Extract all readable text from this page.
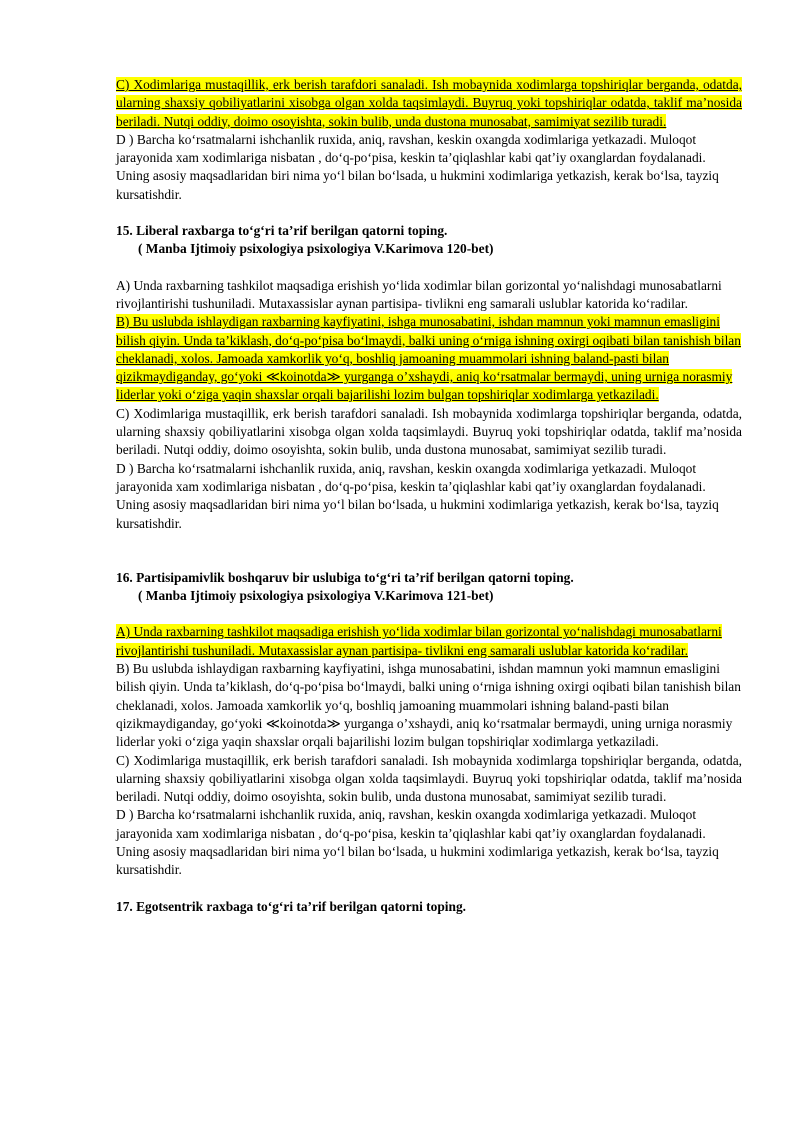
C) Xodimlariga mustaqillik, erk berish tarafdori sanaladi. Ish mobaynida xodimlarga topshiriqlar berganda, odatda, ularning shaxsiy qobiliyatlarini xisobga olgan xolda taqsimlaydi. Buyruq yoki topshiriqlar odatda, taklif ma’nosida beriladi. Nutqi oddiy, doimo osoyishta, sokin bulib, unda dustona munosabat, samimiyat sezilib turadi.

D ) Barcha ko‘rsatmalarni ishchanlik ruxida, aniq, ravshan, keskin oxangda xodimlariga yetkazadi. Muloqot jarayonida xam xodimlariga nisbatan , do‘q-po‘pisa, keskin ta’qiqlashlar kabi qat’iy oxanglardan foydalanadi. Uning asosiy maqsadlaridan biri nima yo‘l bilan bo‘lsada, u hukmini xodimlariga yetkazish, kerak bo‘lsa, tayziq kursatishdir.

15. Liberal raxbarga to‘g‘ri ta’rif berilgan qatorni toping.

( Manba Ijtimoiy psixologiya psixologiya V.Karimova 120-bet)

A) Unda raxbarning tashkilot maqsadiga erishish yo‘lida xodimlar bilan gorizontal yo‘nalishdagi munosabatlarni rivojlantirishi tushuniladi. Mutaxassislar aynan partisipa- tivlikni eng samarali uslublar katorida ko‘radilar.

B) Bu uslubda ishlaydigan raxbarning kayfiyatini, ishga munosabatini, ishdan mamnun yoki mamnun emasligini bilish qiyin. Unda ta’kiklash, do‘q-po‘pisa bo‘lmaydi, balki uning o‘rniga ishning oxirgi oqibati bilan tanishish bilan cheklanadi, xolos. Jamoada xamkorlik yo‘q, boshliq jamoaning muammolari ishning baland-pasti bilan qizikmaydiganday, go‘yoki ≪koinotda≫ yurganga o’xshaydi, aniq ko‘rsatmalar bermaydi, uning urniga norasmiy liderlar yoki o‘ziga yaqin shaxslar orqali bajarilishi lozim bulgan topshiriqlar xodimlarga yetkaziladi.

C) Xodimlariga mustaqillik, erk berish tarafdori sanaladi. Ish mobaynida xodimlarga topshiriqlar berganda, odatda, ularning shaxsiy qobiliyatlarini xisobga olgan xolda taqsimlaydi. Buyruq yoki topshiriqlar odatda, taklif ma’nosida beriladi. Nutqi oddiy, doimo osoyishta, sokin bulib, unda dustona munosabat, samimiyat sezilib turadi.

D ) Barcha ko‘rsatmalarni ishchanlik ruxida, aniq, ravshan, keskin oxangda xodimlariga yetkazadi. Muloqot jarayonida xam xodimlariga nisbatan , do‘q-po‘pisa, keskin ta’qiqlashlar kabi qat’iy oxanglardan foydalanadi. Uning asosiy maqsadlaridan biri nima yo‘l bilan bo‘lsada, u hukmini xodimlariga yetkazish, kerak bo‘lsa, tayziq kursatishdir.

16. Partisipamivlik boshqaruv bir uslubiga to‘g‘ri ta’rif berilgan qatorni toping.

( Manba Ijtimoiy psixologiya psixologiya V.Karimova 121-bet)

A) Unda raxbarning tashkilot maqsadiga erishish yo‘lida xodimlar bilan gorizontal yo‘nalishdagi munosabatlarni rivojlantirishi tushuniladi. Mutaxassislar aynan partisipa- tivlikni eng samarali uslublar katorida ko‘radilar.

B) Bu uslubda ishlaydigan raxbarning kayfiyatini, ishga munosabatini, ishdan mamnun yoki mamnun emasligini bilish qiyin. Unda ta’kiklash, do‘q-po‘pisa bo‘lmaydi, balki uning o‘rniga ishning oxirgi oqibati bilan tanishish bilan cheklanadi, xolos. Jamoada xamkorlik yo‘q, boshliq jamoaning muammolari ishning baland-pasti bilan qizikmaydiganday, go‘yoki ≪koinotda≫ yurganga o’xshaydi, aniq ko‘rsatmalar bermaydi, uning urniga norasmiy liderlar yoki o‘ziga yaqin shaxslar orqali bajarilishi lozim bulgan topshiriqlar xodimlarga yetkaziladi.

C) Xodimlariga mustaqillik, erk berish tarafdori sanaladi. Ish mobaynida xodimlarga topshiriqlar berganda, odatda, ularning shaxsiy qobiliyatlarini xisobga olgan xolda taqsimlaydi. Buyruq yoki topshiriqlar odatda, taklif ma’nosida beriladi. Nutqi oddiy, doimo osoyishta, sokin bulib, unda dustona munosabat, samimiyat sezilib turadi.

D ) Barcha ko‘rsatmalarni ishchanlik ruxida, aniq, ravshan, keskin oxangda xodimlariga yetkazadi. Muloqot jarayonida xam xodimlariga nisbatan , do‘q-po‘pisa, keskin ta’qiqlashlar kabi qat’iy oxanglardan foydalanadi. Uning asosiy maqsadlaridan biri nima yo‘l bilan bo‘lsada, u hukmini xodimlariga yetkazish, kerak bo‘lsa, tayziq kursatishdir.

17. Egotsentrik raxbaga to‘g‘ri ta’rif berilgan qatorni toping.
